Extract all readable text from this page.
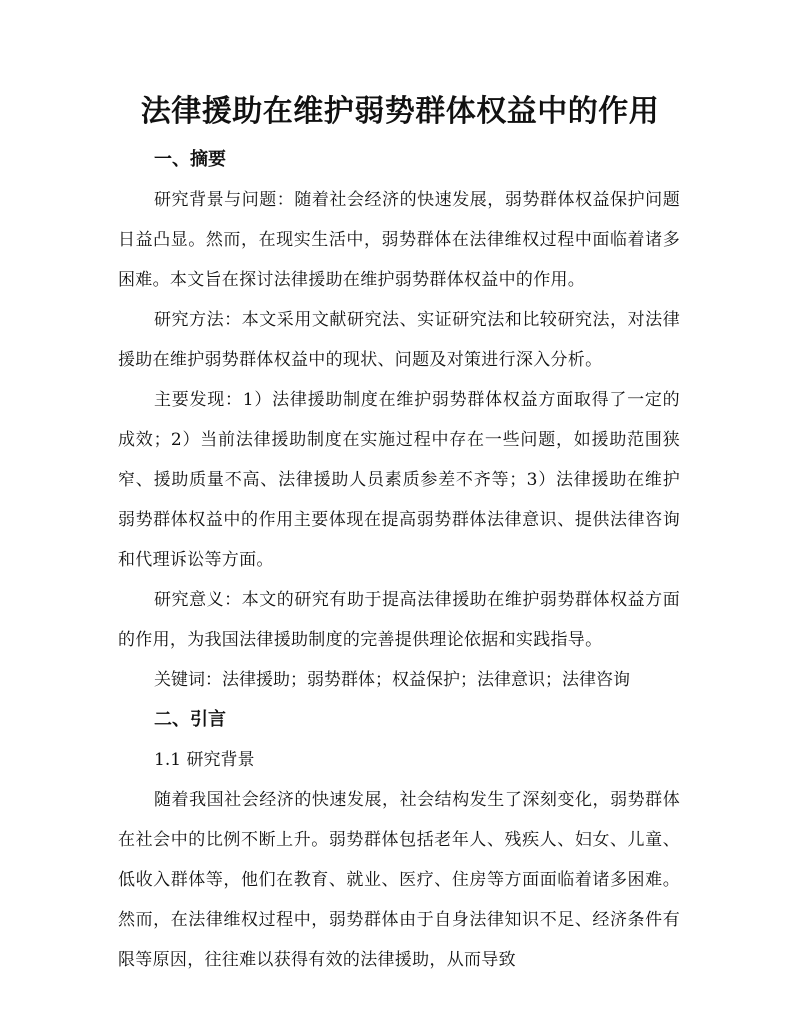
法律援助在维护弱势群体权益中的作用
一、摘要

研究背景与问题：随着社会经济的快速发展，弱势群体权益保护问题日益凸显。然而，在现实生活中，弱势群体在法律维权过程中面临着诸多困难。本文旨在探讨法律援助在维护弱势群体权益中的作用。

研究方法：本文采用文献研究法、实证研究法和比较研究法，对法律援助在维护弱势群体权益中的现状、问题及对策进行深入分析。

主要发现：1）法律援助制度在维护弱势群体权益方面取得了一定的成效；2）当前法律援助制度在实施过程中存在一些问题，如援助范围狭窄、援助质量不高、法律援助人员素质参差不齐等；3）法律援助在维护弱势群体权益中的作用主要体现在提高弱势群体法律意识、提供法律咨询和代理诉讼等方面。

研究意义：本文的研究有助于提高法律援助在维护弱势群体权益方面的作用，为我国法律援助制度的完善提供理论依据和实践指导。

关键词：法律援助；弱势群体；权益保护；法律意识；法律咨询

二、引言
1.1 研究背景

随着我国社会经济的快速发展，社会结构发生了深刻变化，弱势群体在社会中的比例不断上升。弱势群体包括老年人、残疾人、妇女、儿童、低收入群体等，他们在教育、就业、医疗、住房等方面面临着诸多困难。然而，在法律维权过程中，弱势群体由于自身法律知识不足、经济条件有限等原因，往往难以获得有效的法律援助，从而导致
